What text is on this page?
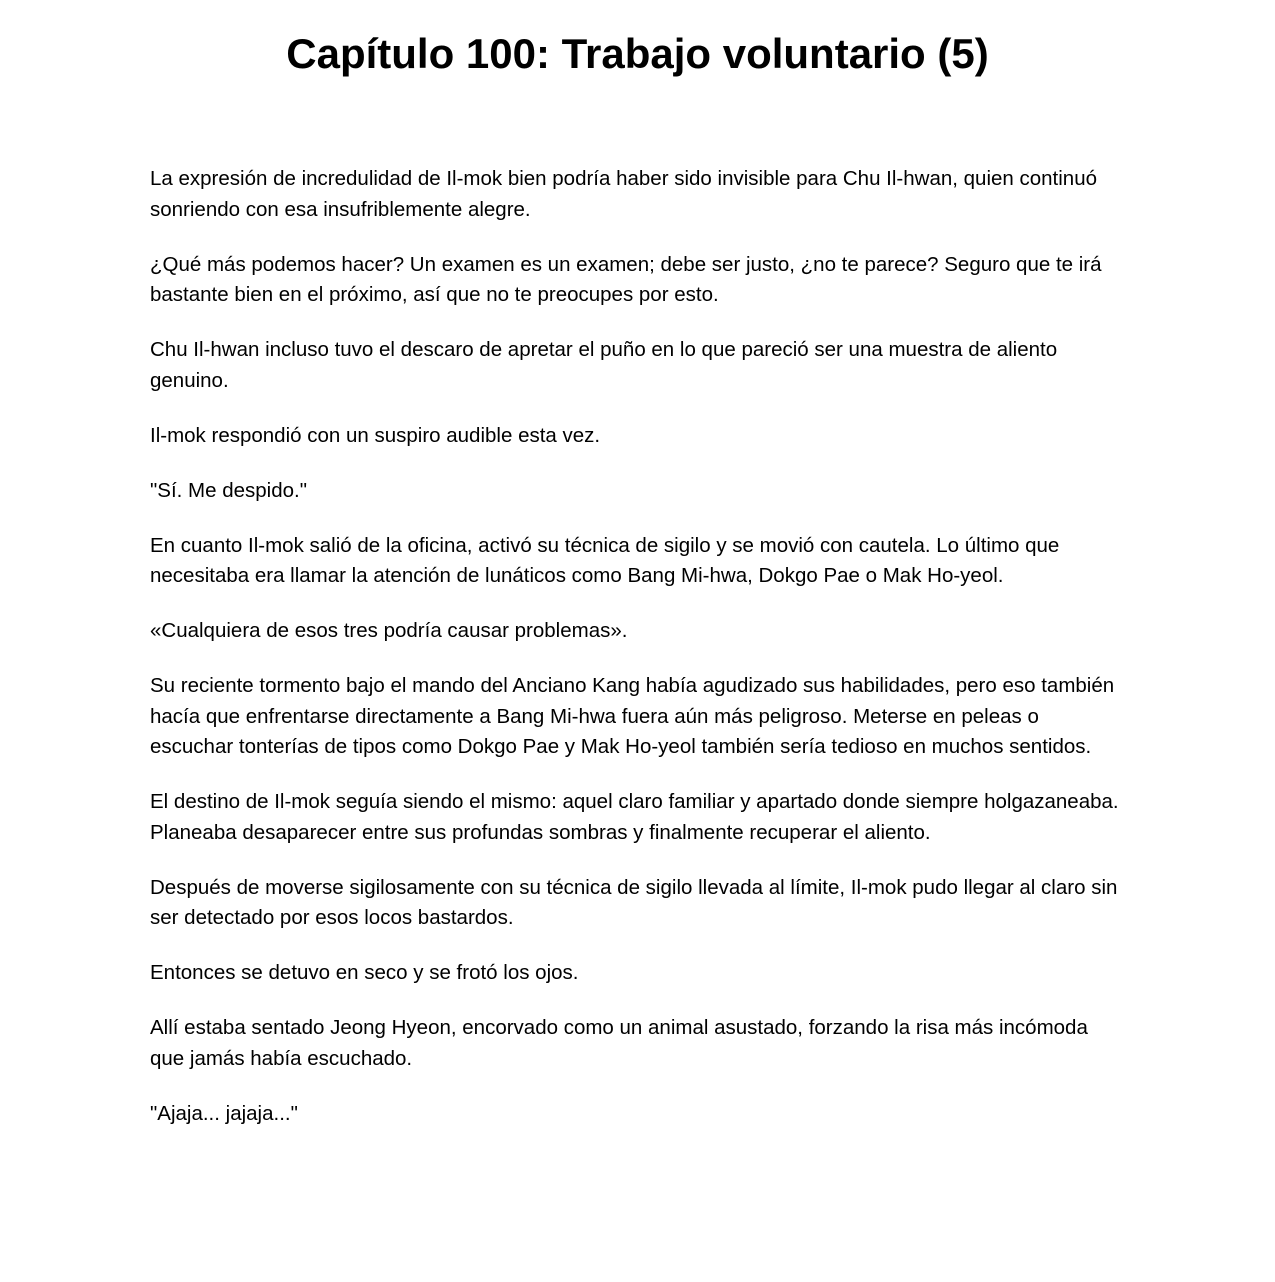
Capítulo 100: Trabajo voluntario (5)

La expresión de incredulidad de Il-mok bien podría haber sido invisible para Chu Il-hwan, quien continuó sonriendo con esa insufriblemente alegre.

¿Qué más podemos hacer? Un examen es un examen; debe ser justo, ¿no te parece? Seguro que te irá bastante bien en el próximo, así que no te preocupes por esto.

Chu Il-hwan incluso tuvo el descaro de apretar el puño en lo que pareció ser una muestra de aliento genuino.

Il-mok respondió con un suspiro audible esta vez.

"Sí. Me despido."

En cuanto Il-mok salió de la oficina, activó su técnica de sigilo y se movió con cautela. Lo último que necesitaba era llamar la atención de lunáticos como Bang Mi-hwa, Dokgo Pae o Mak Ho-yeol.

«Cualquiera de esos tres podría causar problemas».

Su reciente tormento bajo el mando del Anciano Kang había agudizado sus habilidades, pero eso también hacía que enfrentarse directamente a Bang Mi-hwa fuera aún más peligroso. Meterse en peleas o escuchar tonterías de tipos como Dokgo Pae y Mak Ho-yeol también sería tedioso en muchos sentidos.

El destino de Il-mok seguía siendo el mismo: aquel claro familiar y apartado donde siempre holgazaneaba. Planeaba desaparecer entre sus profundas sombras y finalmente recuperar el aliento.

Después de moverse sigilosamente con su técnica de sigilo llevada al límite, Il-mok pudo llegar al claro sin ser detectado por esos locos bastardos.

Entonces se detuvo en seco y se frotó los ojos.

Allí estaba sentado Jeong Hyeon, encorvado como un animal asustado, forzando la risa más incómoda que jamás había escuchado.

"Ajaja... jajaja..."
